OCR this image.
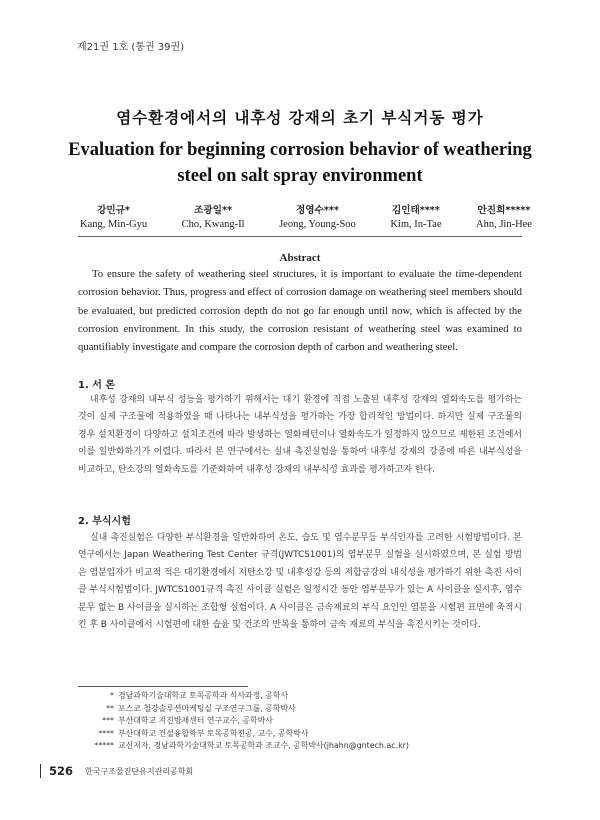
제21권 1호 (통권 39권)
염수환경에서의 내후성 강재의 초기 부식거동 평가
Evaluation for beginning corrosion behavior of weathering
steel on salt spray environment
강민규*
Kang, Min-Gyu
조광일**
Cho, Kwang-Il
정영수***
Jeong, Young-Soo
김인태****
Kim, In-Tae
안진희*****
Ahn, Jin-Hee
Abstract
To ensure the safety of weathering steel structures, it is important to evaluate the time-dependent corrosion behavior. Thus, progress and effect of corrosion damage on weathering steel members should be evaluated, but predicted corrosion depth do not go far enough until now, which is affected by the corrosion environment. In this study, the corrosion resistant of weathering steel was examined to quantifiably investigate and compare the corrosion depth of carbon and weathering steel.
1. 서 론
내후성 강재의 내부식 성능을 평가하기 위해서는 대기 환경에 직접 노출된 내후성 강재의 열화속도를 평가하는 것이 실제 구조물에 적용하였을 때 나타나는 내부식성을 평가하는 가장 합리적인 방법이다. 하지만 실제 구조물의 경우 설치환경이 다양하고 설치조건에 따라 발생하는 열화패턴이나 열화속도가 일정하지 않으므로 제한된 조건에서 이를 일반화하기가 어렵다. 따라서 본 연구에서는 실내 촉진실험을 통하여 내후성 강재의 강종에 따른 내부식성을 비교하고, 탄소강의 열화속도를 기준화하여 내후성 강재의 내부식성 효과를 평가하고자 한다.
2. 부식시험
실내 촉진실험은 다양한 부식환경을 일반화하여 온도, 습도 및 염수분무등 부식인자를 고려한 시험방법이다. 본 연구에서는 Japan Weathering Test Center 규격(JWTCS1001)의 염부분무 실험을 실시하였으며, 본 실험 방법은 염분입자가 비교적 적은 대기환경에서 저탄소강 및 내후성강 등의 저합금강의 내식성을 평가하기 위한 촉진 사이클 부식시험법이다. JWTCS1001규격 촉진 사이클 실험은 일정시간 동안 염부분무가 있는 A 사이클을 실시후, 염수분무 없는 B 사이클을 실시하는 조합형 실험이다. A 사이클은 금속재료의 부식 요인인 염분을 시험편 표면에 축적시킨 후 B 사이클에서 시험편에 대한 습윤 및 건조의 반복을 통하여 금속 재료의 부식을 촉진시키는 것이다.
* 경남과학기술대학교 토목공학과 석사과정, 공학사
** 포스코 철강솔루션마케팅실 구조연구그룹, 공학박사
*** 부산대학교 지진방재센터 연구교수, 공학박사
**** 부산대학교 건설융합학부 토목공학전공, 교수, 공학박사
***** 교신저자, 경남과학기술대학교 토목공학과 조교수, 공학박사(jhahn@gntech.ac.kr)
526 한국구조물진단유지관리공학회
